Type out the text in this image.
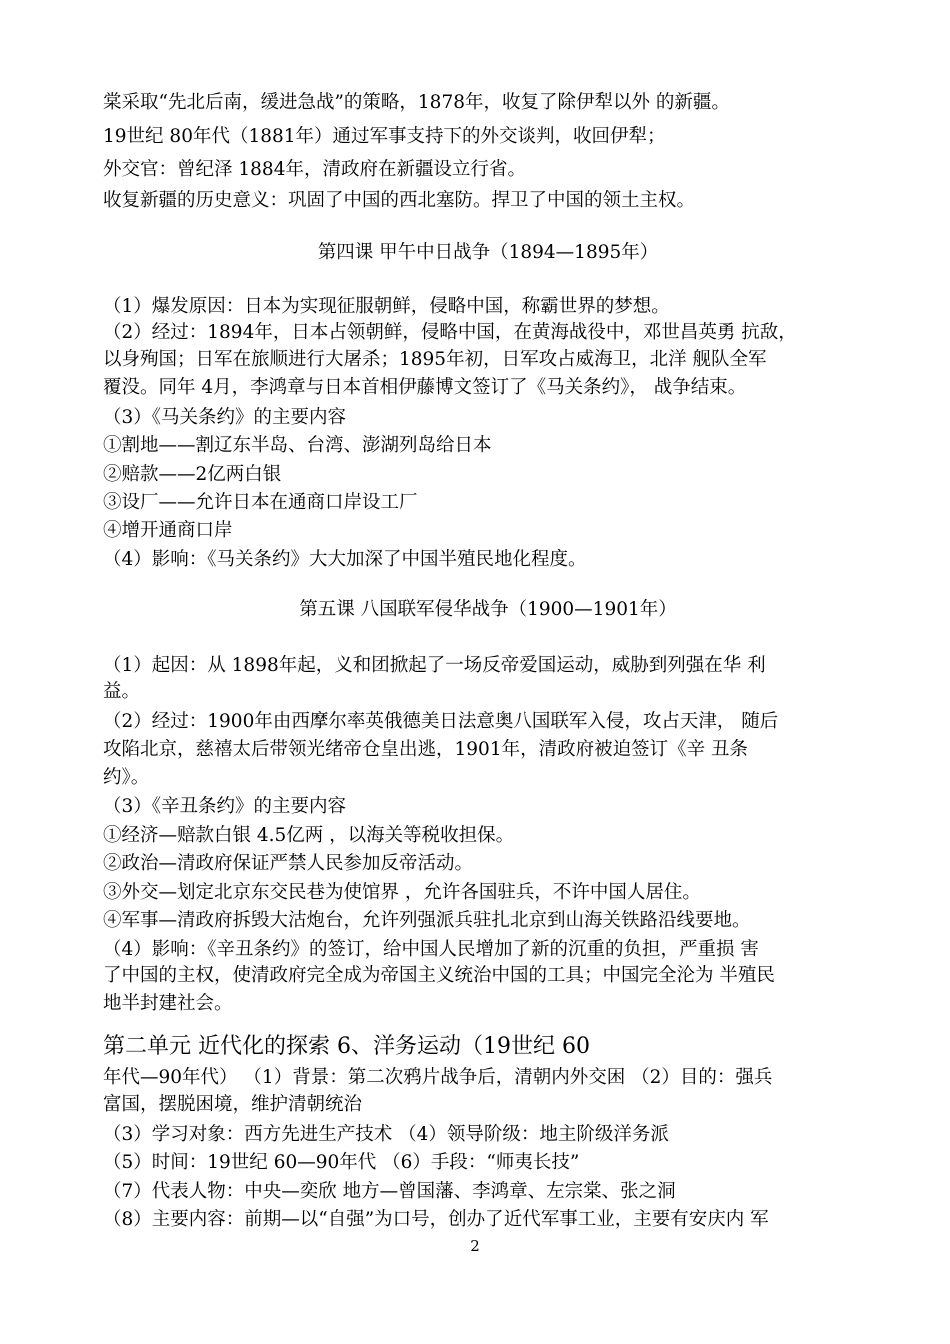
棠采取“先北后南，缓进急战”的策略，1878年，收复了除伊犁以外 的新疆。
19世纪 80年代（1881年）通过军事支持下的外交谈判，收回伊犁；
外交官：曾纪泽 1884年，清政府在新疆设立行省。
收复新疆的历史意义：巩固了中国的西北塞防。捍卫了中国的领土主权。
第四课 甲午中日战争（1894—1895年）
（1）爆发原因：日本为实现征服朝鲜，侵略中国，称霸世界的梦想。
（2）经过：1894年，日本占领朝鲜，侵略中国，在黄海战役中，邓世昌英勇 抗敌，
以身殉国；日军在旅顺进行大屠杀；1895年初，日军攻占威海卫，北洋 舰队全军
覆没。同年 4月，李鸿章与日本首相伊藤博文签订了《马关条约》， 战争结束。
（3）《马关条约》的主要内容
①割地——割辽东半岛、台湾、澎湖列岛给日本
②赔款——2亿两白银
③设厂——允许日本在通商口岸设工厂
④增开通商口岸
（4）影响：《马关条约》大大加深了中国半殖民地化程度。
第五课 八国联军侵华战争（1900—1901年）
（1）起因：从 1898年起，义和团掀起了一场反帝爱国运动，威胁到列强在华 利
益。
（2）经过：1900年由西摩尔率英俄德美日法意奥八国联军入侵，攻占天津， 随后
攻陷北京，慈禧太后带领光绪帝仓皇出逃，1901年，清政府被迫签订《辛 丑条
约》。
（3）《辛丑条约》的主要内容
①经济—赔款白银 4.5亿两 ，以海关等税收担保。
②政治—清政府保证严禁人民参加反帝活动。
③外交—划定北京东交民巷为使馆界 ，允许各国驻兵，不许中国人居住。
④军事—清政府拆毁大沽炮台，允许列强派兵驻扎北京到山海关铁路沿线要地。
（4）影响：《辛丑条约》的签订，给中国人民增加了新的沉重的负担，严重损 害
了中国的主权，使清政府完全成为帝国主义统治中国的工具；中国完全沦为 半殖民
地半封建社会。
第二单元 近代化的探索 6、洋务运动（19世纪 60
年代—90年代） （1）背景：第二次鸦片战争后，清朝内外交困 （2）目的：强兵
富国，摆脱困境，维护清朝统治
（3）学习对象：西方先进生产技术 （4）领导阶级：地主阶级洋务派
（5）时间：19世纪 60—90年代 （6）手段：“师夷长技”
（7）代表人物：中央—奕欣 地方—曾国藩、李鸿章、左宗棠、张之洞
（8）主要内容：前期—以“自强”为口号，创办了近代军事工业，主要有安庆内 军
2
